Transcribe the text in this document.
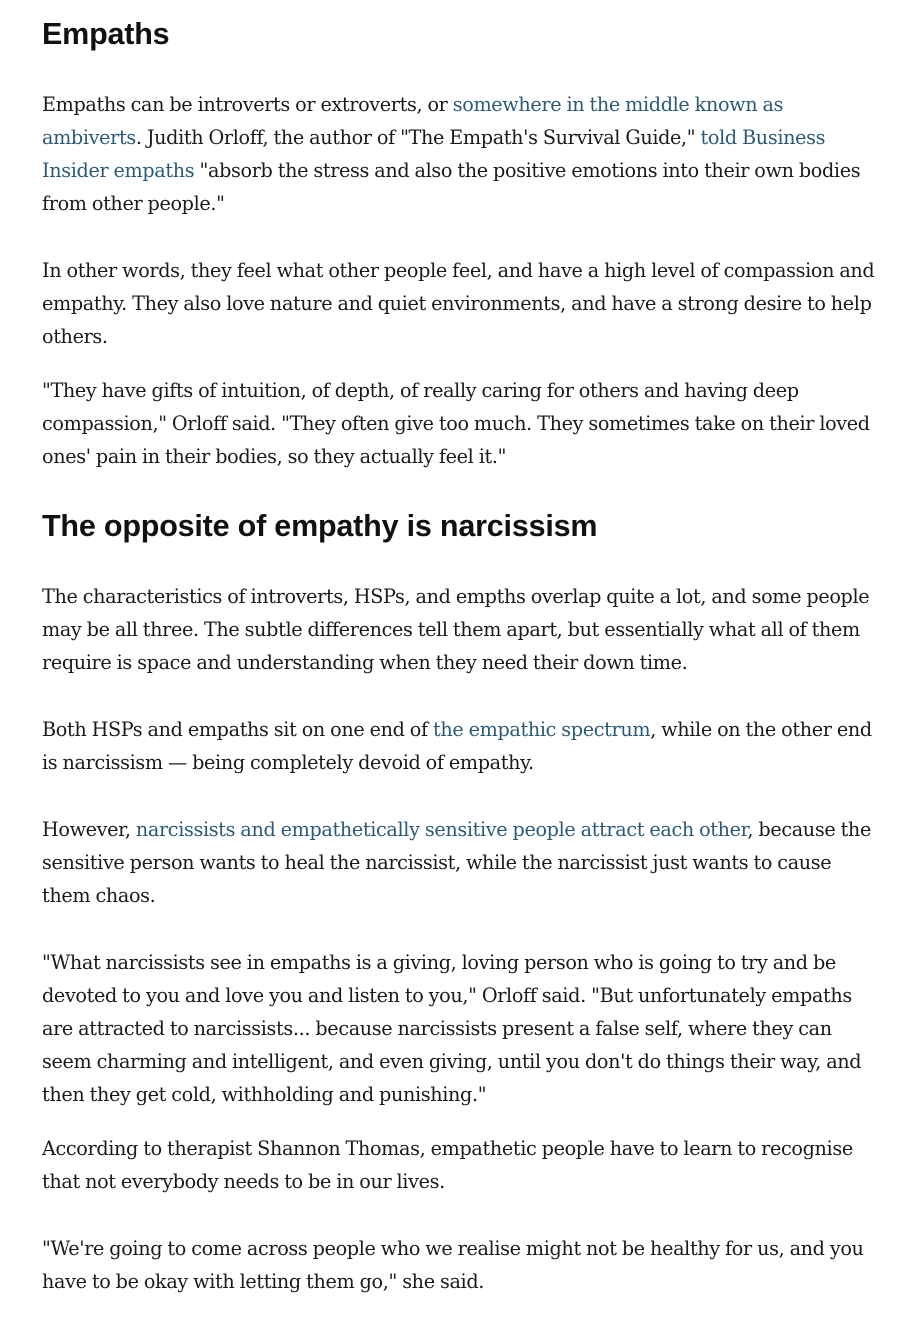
Empaths

Empaths can be introverts or extroverts, or somewhere in the middle known as ambiverts. Judith Orloff, the author of "The Empath's Survival Guide," told Business Insider empaths "absorb the stress and also the positive emotions into their own bodies from other people."

In other words, they feel what other people feel, and have a high level of compassion and empathy. They also love nature and quiet environments, and have a strong desire to help others.

"They have gifts of intuition, of depth, of really caring for others and having deep compassion," Orloff said. "They often give too much. They sometimes take on their loved ones' pain in their bodies, so they actually feel it."

The opposite of empathy is narcissism

The characteristics of introverts, HSPs, and empths overlap quite a lot, and some people may be all three. The subtle differences tell them apart, but essentially what all of them require is space and understanding when they need their down time.

Both HSPs and empaths sit on one end of the empathic spectrum, while on the other end is narcissism — being completely devoid of empathy.

However, narcissists and empathetically sensitive people attract each other, because the sensitive person wants to heal the narcissist, while the narcissist just wants to cause them chaos.

"What narcissists see in empaths is a giving, loving person who is going to try and be devoted to you and love you and listen to you," Orloff said. "But unfortunately empaths are attracted to narcissists... because narcissists present a false self, where they can seem charming and intelligent, and even giving, until you don't do things their way, and then they get cold, withholding and punishing."

According to therapist Shannon Thomas, empathetic people have to learn to recognise that not everybody needs to be in our lives.

"We're going to come across people who we realise might not be healthy for us, and you have to be okay with letting them go," she said.
